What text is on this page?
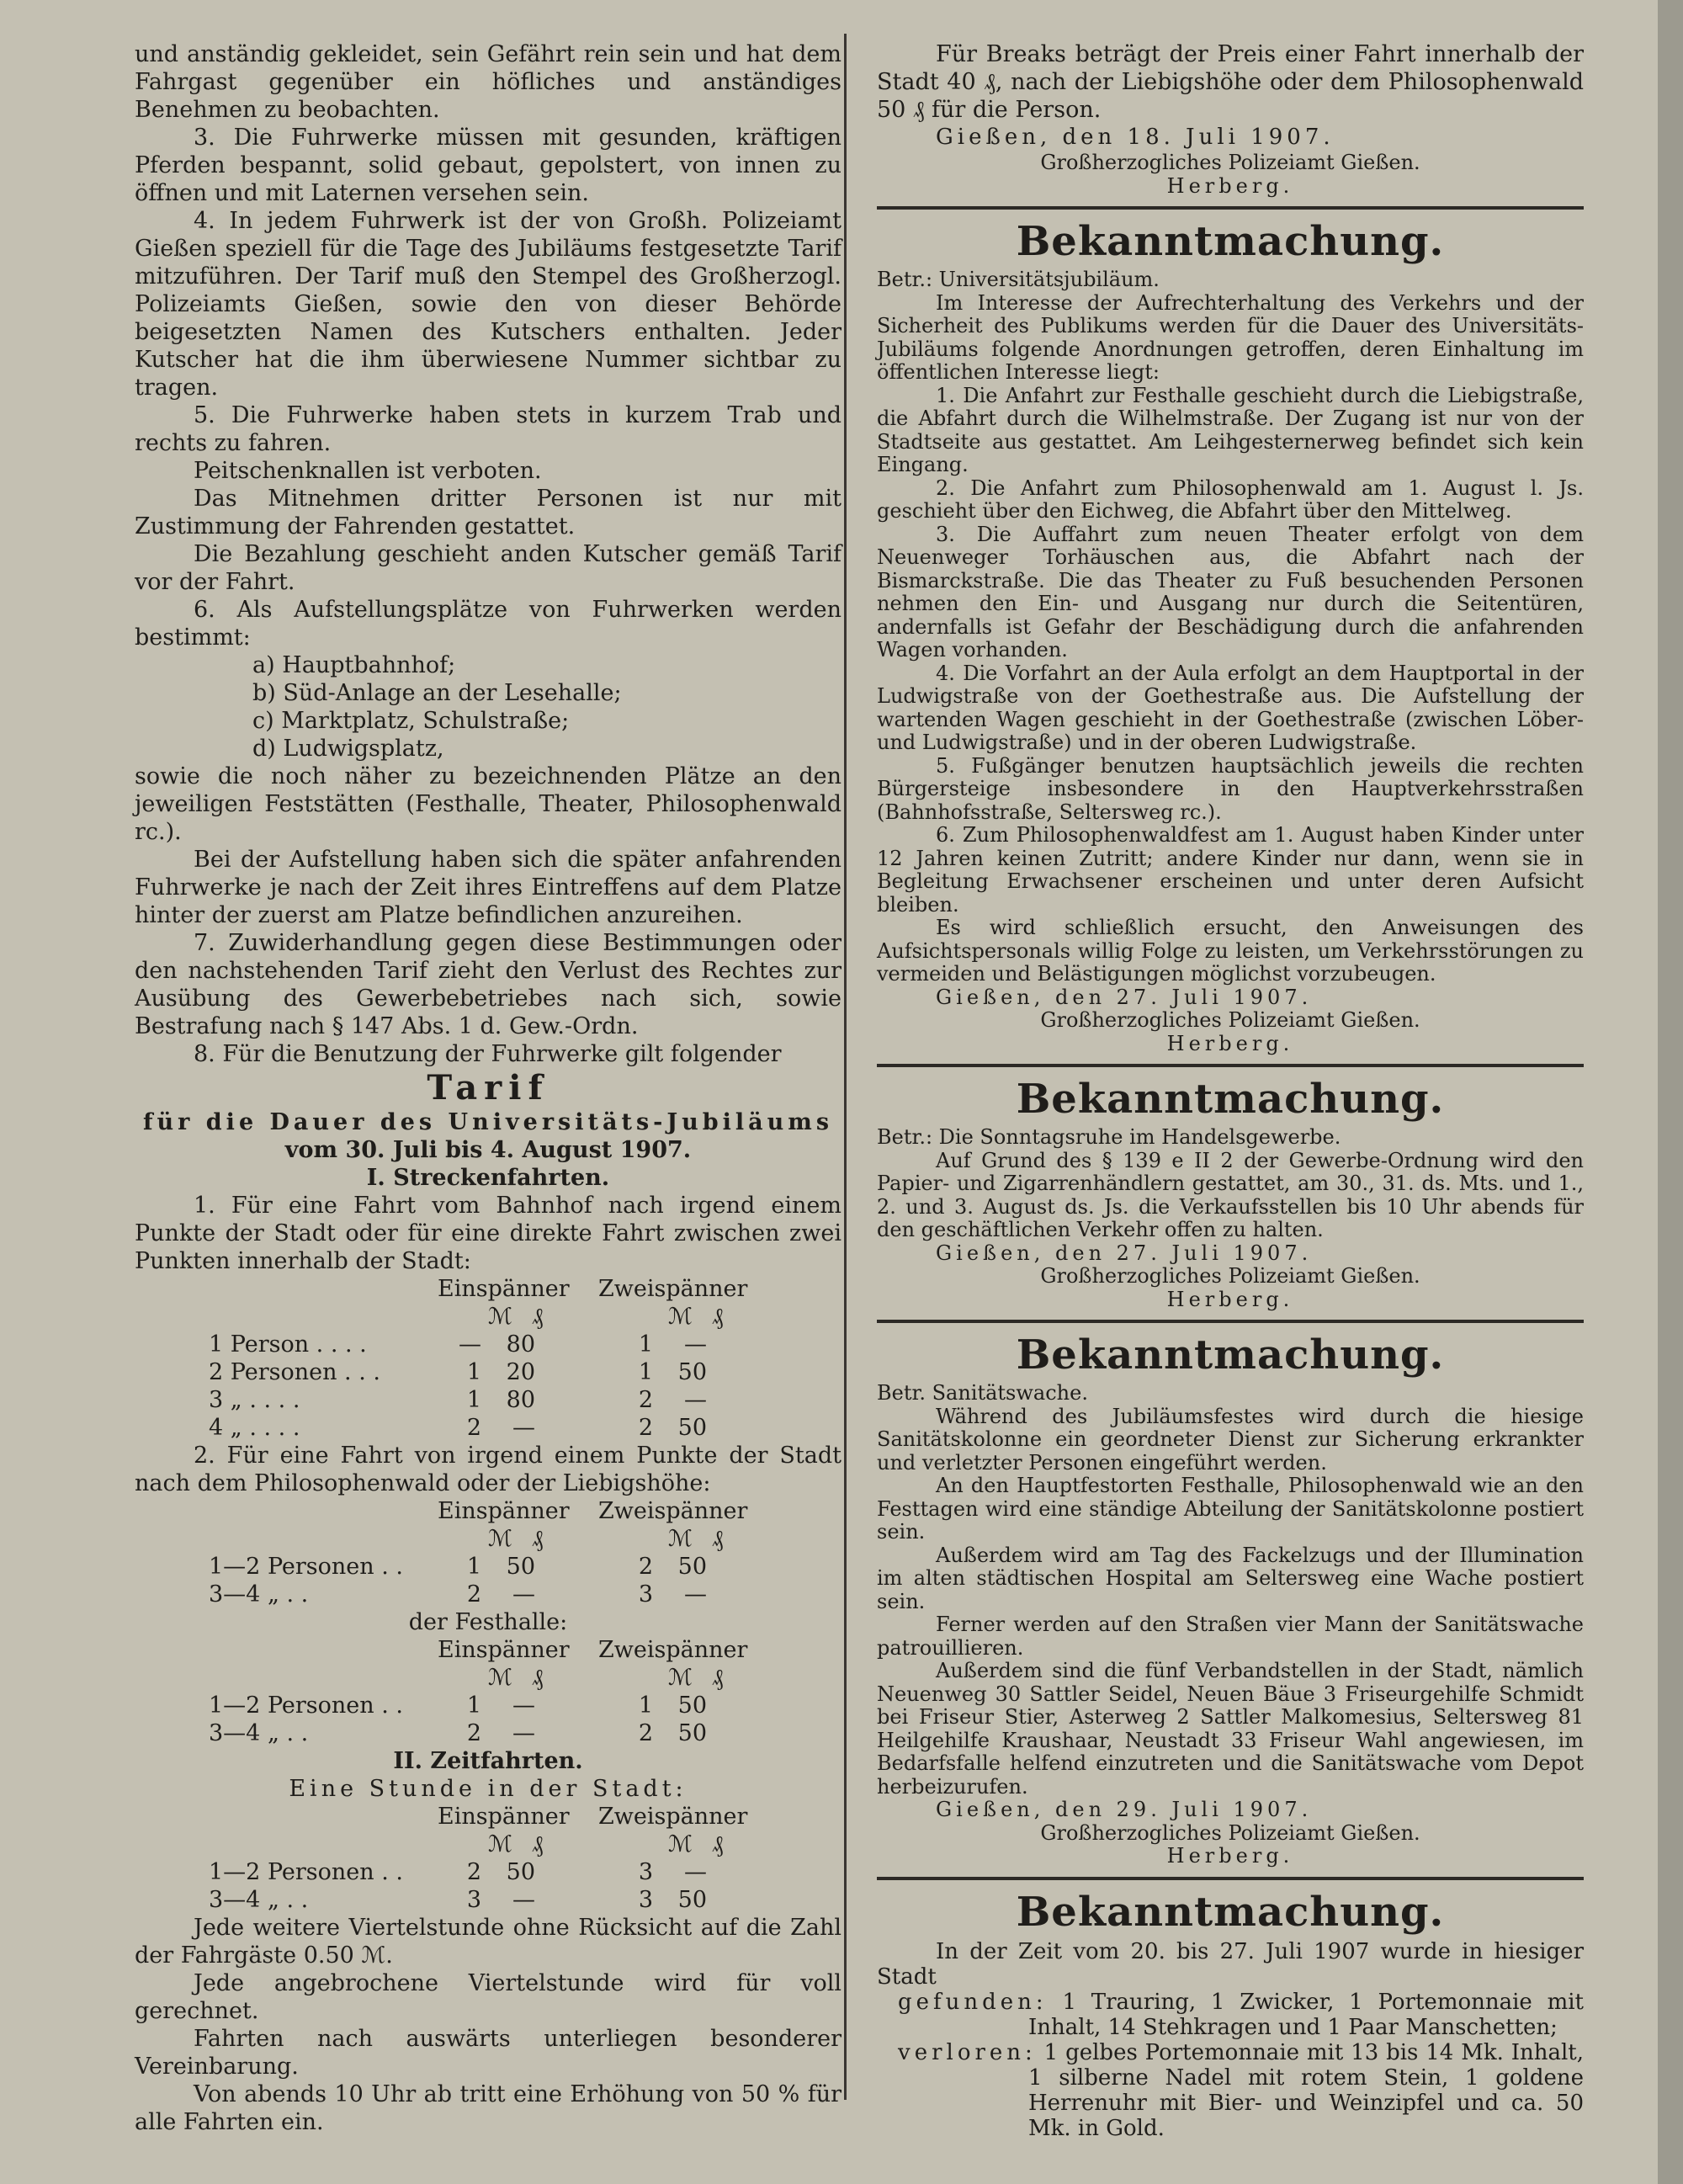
und anständig gekleidet, sein Gefährt rein sein und hat dem Fahrgast gegenüber ein höfliches und anständiges Benehmen zu beobachten.

3. Die Fuhrwerke müssen mit gesunden, kräftigen Pferden bespannt, solid gebaut, gepolstert, von innen zu öffnen und mit Laternen versehen sein.

4. In jedem Fuhrwerk ist der von Großh. Polizeiamt Gießen speziell für die Tage des Jubiläums festgesetzte Tarif mitzuführen. Der Tarif muß den Stempel des Großherzogl. Polizeiamts Gießen, sowie den von dieser Behörde beigesetzten Namen des Kutschers enthalten. Jeder Kutscher hat die ihm überwiesene Nummer sichtbar zu tragen.

5. Die Fuhrwerke haben stets in kurzem Trab und rechts zu fahren.

Peitschenknallen ist verboten.

Das Mitnehmen dritter Personen ist nur mit Zustimmung der Fahrenden gestattet.

Die Bezahlung geschieht anden Kutscher gemäß Tarif vor der Fahrt.

6. Als Aufstellungsplätze von Fuhrwerken werden bestimmt:

a) Hauptbahnhof;

b) Süd-Anlage an der Lesehalle;

c) Marktplatz, Schulstraße;

d) Ludwigsplatz,

sowie die noch näher zu bezeichnenden Plätze an den jeweiligen Feststätten (Festhalle, Theater, Philosophenwald rc.).

Bei der Aufstellung haben sich die später anfahrenden Fuhrwerke je nach der Zeit ihres Eintreffens auf dem Platze hinter der zuerst am Platze befindlichen anzureihen.

7. Zuwiderhandlung gegen diese Bestimmungen oder den nachstehenden Tarif zieht den Verlust des Rechtes zur Ausübung des Gewerbebetriebes nach sich, sowie Bestrafung nach § 147 Abs. 1 d. Gew.-Ordn.

8. Für die Benutzung der Fuhrwerke gilt folgender

Tarif

für die Dauer des Universitäts-Jubiläums

vom 30. Juli bis 4. August 1907.

I. Streckenfahrten.

1. Für eine Fahrt vom Bahnhof nach irgend einem Punkte der Stadt oder für eine direkte Fahrt zwischen zwei Punkten innerhalb der Stadt:

Einspänner Zweispänner
ℳ ₰	ℳ ₰
1 Person . . . .	—	80		1	—
2 Personen . . .	1	20		1	50
3 „ . . . .	1	80		2	—
4 „ . . . .	2	—		2	50

2. Für eine Fahrt von irgend einem Punkte der Stadt nach dem Philosophenwald oder der Liebigshöhe:

Einspänner Zweispänner
ℳ ₰	ℳ ₰
1—2 Personen . .	1	50		2	50
3—4 „ . .	2	—		3	—

der Festhalle:

Einspänner Zweispänner
ℳ ₰	ℳ ₰
1—2 Personen . .	1	—		1	50
3—4 „ . .	2	—		2	50

II. Zeitfahrten.

Eine Stunde in der Stadt:

Einspänner Zweispänner
ℳ ₰	ℳ ₰
1—2 Personen . .	2	50		3	—
3—4 „ . .	3	—		3	50

Jede weitere Viertelstunde ohne Rücksicht auf die Zahl der Fahrgäste 0.50 ℳ.

Jede angebrochene Viertelstunde wird für voll gerechnet.

Fahrten nach auswärts unterliegen besonderer Vereinbarung.

Von abends 10 Uhr ab tritt eine Erhöhung von 50 % für alle Fahrten ein.

Für Breaks beträgt der Preis einer Fahrt innerhalb der Stadt 40 ₰, nach der Liebigshöhe oder dem Philosophenwald 50 ₰ für die Person.

Gießen, den 18. Juli 1907.

Großherzogliches Polizeiamt Gießen.

Herberg.

Bekanntmachung.

Betr.: Universitätsjubiläum.

Im Interesse der Aufrechterhaltung des Verkehrs und der Sicherheit des Publikums werden für die Dauer des Universitäts-Jubiläums folgende Anordnungen getroffen, deren Einhaltung im öffentlichen Interesse liegt:

1. Die Anfahrt zur Festhalle geschieht durch die Liebigstraße, die Abfahrt durch die Wilhelmstraße. Der Zugang ist nur von der Stadtseite aus gestattet. Am Leihgesternerweg befindet sich kein Eingang.

2. Die Anfahrt zum Philosophenwald am 1. August l. Js. geschieht über den Eichweg, die Abfahrt über den Mittelweg.

3. Die Auffahrt zum neuen Theater erfolgt von dem Neuenweger Torhäuschen aus, die Abfahrt nach der Bismarckstraße. Die das Theater zu Fuß besuchenden Personen nehmen den Ein- und Ausgang nur durch die Seitentüren, andernfalls ist Gefahr der Beschädigung durch die anfahrenden Wagen vorhanden.

4. Die Vorfahrt an der Aula erfolgt an dem Hauptportal in der Ludwigstraße von der Goethestraße aus. Die Aufstellung der wartenden Wagen geschieht in der Goethestraße (zwischen Löber- und Ludwigstraße) und in der oberen Ludwigstraße.

5. Fußgänger benutzen hauptsächlich jeweils die rechten Bürgersteige insbesondere in den Hauptverkehrsstraßen (Bahnhofsstraße, Seltersweg rc.).

6. Zum Philosophenwaldfest am 1. August haben Kinder unter 12 Jahren keinen Zutritt; andere Kinder nur dann, wenn sie in Begleitung Erwachsener erscheinen und unter deren Aufsicht bleiben.

Es wird schließlich ersucht, den Anweisungen des Aufsichtspersonals willig Folge zu leisten, um Verkehrsstörungen zu vermeiden und Belästigungen möglichst vorzubeugen.

Gießen, den 27. Juli 1907.

Großherzogliches Polizeiamt Gießen.

Herberg.

Bekanntmachung.

Betr.: Die Sonntagsruhe im Handelsgewerbe.

Auf Grund des § 139 e II 2 der Gewerbe-Ordnung wird den Papier- und Zigarrenhändlern gestattet, am 30., 31. ds. Mts. und 1., 2. und 3. August ds. Js. die Verkaufsstellen bis 10 Uhr abends für den geschäftlichen Verkehr offen zu halten.

Gießen, den 27. Juli 1907.

Großherzogliches Polizeiamt Gießen.

Herberg.

Bekanntmachung.

Betr. Sanitätswache.

Während des Jubiläumsfestes wird durch die hiesige Sanitätskolonne ein geordneter Dienst zur Sicherung erkrankter und verletzter Personen eingeführt werden.

An den Hauptfestorten Festhalle, Philosophenwald wie an den Festtagen wird eine ständige Abteilung der Sanitätskolonne postiert sein.

Außerdem wird am Tag des Fackelzugs und der Illumination im alten städtischen Hospital am Seltersweg eine Wache postiert sein.

Ferner werden auf den Straßen vier Mann der Sanitätswache patrouillieren.

Außerdem sind die fünf Verbandstellen in der Stadt, nämlich Neuenweg 30 Sattler Seidel, Neuen Bäue 3 Friseurgehilfe Schmidt bei Friseur Stier, Asterweg 2 Sattler Malkomesius, Seltersweg 81 Heilgehilfe Kraushaar, Neustadt 33 Friseur Wahl angewiesen, im Bedarfsfalle helfend einzutreten und die Sanitätswache vom Depot herbeizurufen.

Gießen, den 29. Juli 1907.

Großherzogliches Polizeiamt Gießen.

Herberg.

Bekanntmachung.

In der Zeit vom 20. bis 27. Juli 1907 wurde in hiesiger Stadt

gefunden: 1 Trauring, 1 Zwicker, 1 Portemonnaie mit Inhalt, 14 Stehkragen und 1 Paar Manschetten;

verloren: 1 gelbes Portemonnaie mit 13 bis 14 Mk. Inhalt, 1 silberne Nadel mit rotem Stein, 1 goldene Herrenuhr mit Bier- und Weinzipfel und ca. 50 Mk. in Gold.
